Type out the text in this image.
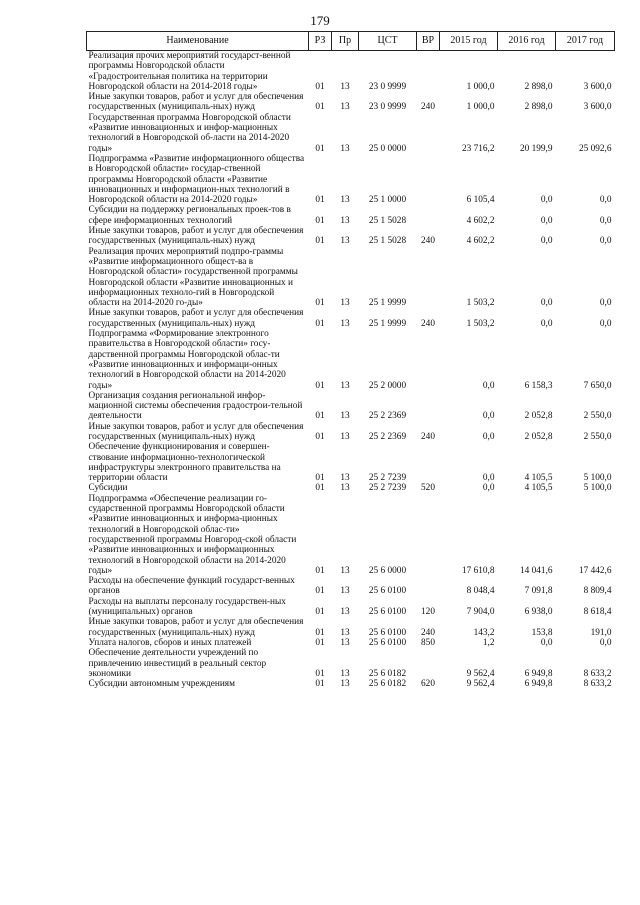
179
Наименование	РЗ	Пр	ЦСТ	ВР	2015 год	2016 год	2017 год
Реализация прочих мероприятий государст-венной программы Новгородской области «Градостроительная политика на территории Новгородской области на 2014-2018 годы»	01	13	23 0 9999		1 000,0	2 898,0	3 600,0
Иные закупки товаров, работ и услуг для обеспечения государственных (муниципаль-ных) нужд	01	13	23 0 9999	240	1 000,0	2 898,0	3 600,0
Государственная программа Новгородской области «Развитие инновационных и инфор-мационных технологий в Новгородской об-ласти на 2014-2020 годы»	01	13	25 0 0000		23 716,2	20 199,9	25 092,6
Подпрограмма «Развитие информационного общества в Новгородской области» государ-ственной программы Новгородской области «Развитие инновационных и информацион-ных технологий в Новгородской области на 2014-2020 годы»	01	13	25 1 0000		6 105,4	0,0	0,0
Субсидии на поддержку региональных проек-тов в сфере информационных технологий	01	13	25 1 5028		4 602,2	0,0	0,0
Иные закупки товаров, работ и услуг для обеспечения государственных (муниципаль-ных) нужд	01	13	25 1 5028	240	4 602,2	0,0	0,0
Реализация прочих мероприятий подпро-граммы «Развитие информационного общест-ва в Новгородской области» государственной программы Новгородской области «Развитие инновационных и информационных техноло-гий в Новгородской области на 2014-2020 го-ды»	01	13	25 1 9999		1 503,2	0,0	0,0
Иные закупки товаров, работ и услуг для обеспечения государственных (муниципаль-ных) нужд	01	13	25 1 9999	240	1 503,2	0,0	0,0
Подпрограмма «Формирование электронного правительства в Новгородской области» госу-дарственной программы Новгородской облас-ти «Развитие инновационных и информаци-онных технологий в Новгородской области на 2014-2020 годы»	01	13	25 2 0000		0,0	6 158,3	7 650,0
Организация создания региональной инфор-мационной системы обеспечения градострои-тельной деятельности	01	13	25 2 2369		0,0	2 052,8	2 550,0
Иные закупки товаров, работ и услуг для обеспечения государственных (муниципаль-ных) нужд	01	13	25 2 2369	240	0,0	2 052,8	2 550,0
Обеспечение функционирования и совершен-ствование информационно-технологической инфраструктуры электронного правительства на территории области	01	13	25 2 7239		0,0	4 105,5	5 100,0
Субсидии	01	13	25 2 7239	520	0,0	4 105,5	5 100,0
Подпрограмма «Обеспечение реализации го-сударственной программы Новгородской области «Развитие инновационных и информа-ционных технологий в Новгородской облас-ти» государственной программы Новгород-ской области «Развитие инновационных и информационных технологий в Новгородской области на 2014-2020 годы»	01	13	25 6 0000		17 610,8	14 041,6	17 442,6
Расходы на обеспечение функций государст-венных органов	01	13	25 6 0100		8 048,4	7 091,8	8 809,4
Расходы на выплаты персоналу государствен-ных (муниципальных) органов	01	13	25 6 0100	120	7 904,0	6 938,0	8 618,4
Иные закупки товаров, работ и услуг для обеспечения государственных (муниципаль-ных) нужд	01	13	25 6 0100	240	143,2	153,8	191,0
Уплата налогов, сборов и иных платежей	01	13	25 6 0100	850	1,2	0,0	0,0
Обеспечение деятельности учреждений по привлечению инвестиций в реальный сектор экономики	01	13	25 6 0182		9 562,4	6 949,8	8 633,2
Субсидии автономным учреждениям	01	13	25 6 0182	620	9 562,4	6 949,8	8 633,2
